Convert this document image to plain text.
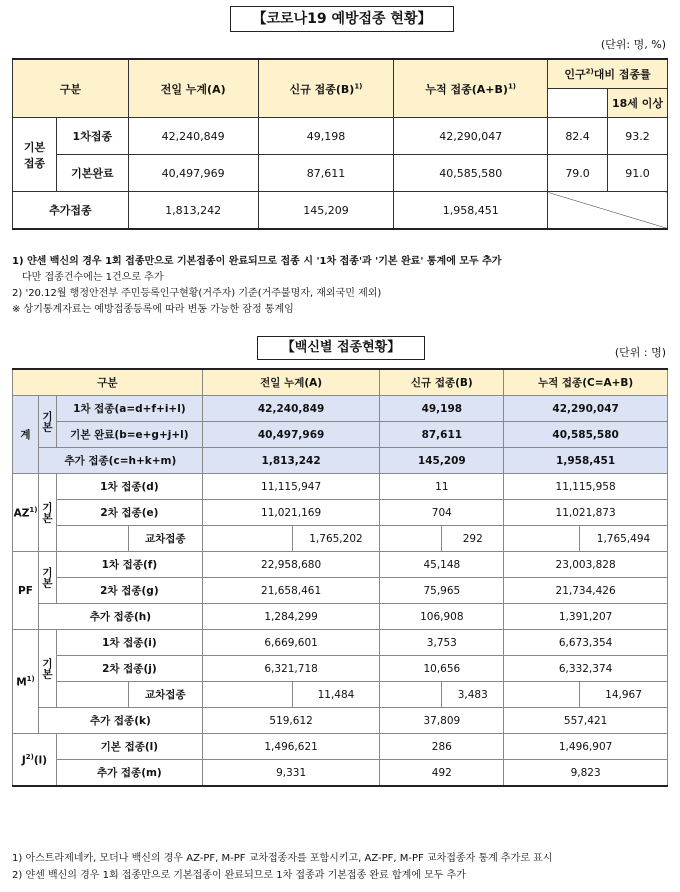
【코로나19 예방접종 현황】
(단위: 명, %)
구분		전일 누계(A)	신규 접종$(B)^{1)}$	누적 접종$(A+B)^{1)}$	인구$^{2)}$대비 접종률	
						18세 이상
기본
접종	1차접종	42,240,849	49,198	42,290,047	82.4	93.2
	기본완료	40,497,969	87,611	40,585,580	79.0	91.0
추가접종		1,813,242	145,209	1,958,451		
1) 얀센 백신의 경우 1회 접종만으로 기본접종이 완료되므로 접종 시 '1차 접종'과 '기본 완료' 통계에 모두 추가
다만 접종건수에는 1건으로 추가
2) '20.12월 행정안전부 주민등록인구현황(거주자) 기준(거주불명자, 재외국민 제외)
※ 상기통계자료는 예방접종등록에 따라 변동 가능한 잠정 통계임
【백신별 접종현황】	(단위 : 명)
구분				전일 누계(A)		신규 접종(B)		누적 접종(C=A+B)	
계	기본	1차 접종(a=d+f+i+l)		42,240,849		49,198		42,290,047	
		기본 완료(b=e+g+j+l)		40,497,969		87,611		40,585,580	
	추가 접종(c=h+k+m)			1,813,242		145,209		1,958,451	
AZ$^{1)}$	기본	1차 접종(d)		11,115,947		11		11,115,958	
		2차 접종(e)		11,021,169		704		11,021,873	
			교차접종		1,765,202		292		1,765,494
PF	기본	1차 접종(f)		22,958,680		45,148		23,003,828	
		2차 접종(g)		21,658,461		75,965		21,734,426	
	추가 접종(h)			1,284,299		106,908		1,391,207	
$M^{1)}$	기본	1차 접종(i)		6,669,601		3,753		6,673,354	
		2차 접종(j)		6,321,718		10,656		6,332,374	
			교차접종		11,484		3,483		14,967
	추가 접종(k)			519,612		37,809		557,421	
$J^{2)}(l)$		기본 접종(l)		1,496,621		286		1,496,907	
		추가 접종(m)		9,331		492		9,823	
1) 아스트라제네카, 모더나 백신의 경우 AZ-PF, M-PF 교차접종자를 포함시키고, AZ-PF, M-PF 교차접종자 통계 추가로 표시
2) 얀센 백신의 경우 1회 접종만으로 기본접종이 완료되므로 1차 접종과 기본접종 완료 합계에 모두 추가
